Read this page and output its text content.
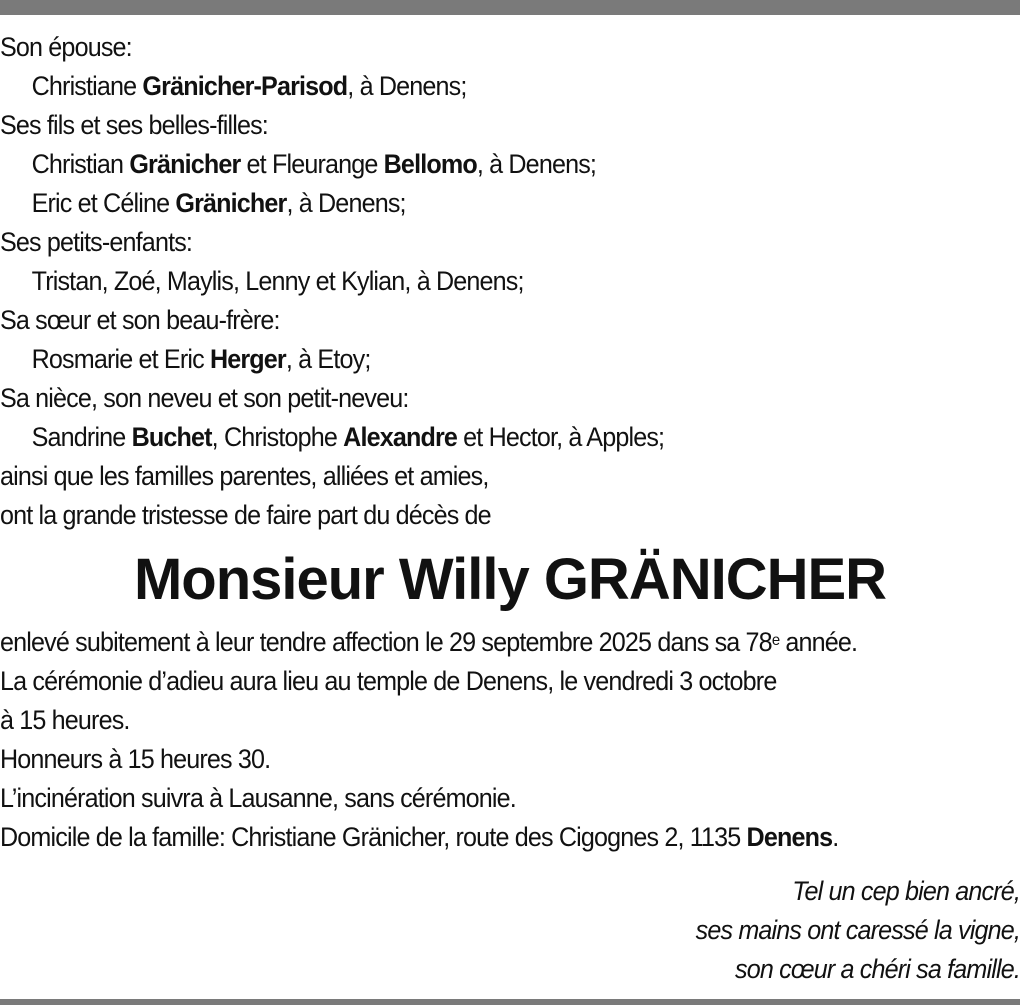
Son épouse:
Christiane Gränicher-Parisod, à Denens;
Ses fils et ses belles-filles:
Christian Gränicher et Fleurange Bellomo, à Denens;
Eric et Céline Gränicher, à Denens;
Ses petits-enfants:
Tristan, Zoé, Maylis, Lenny et Kylian, à Denens;
Sa sœur et son beau-frère:
Rosmarie et Eric Herger, à Etoy;
Sa nièce, son neveu et son petit-neveu:
Sandrine Buchet, Christophe Alexandre et Hector, à Apples;
ainsi que les familles parentes, alliées et amies,
ont la grande tristesse de faire part du décès de
Monsieur Willy GRÄNICHER
enlevé subitement à leur tendre affection le 29 septembre 2025 dans sa 78e année.
La cérémonie d’adieu aura lieu au temple de Denens, le vendredi 3 octobre
à 15 heures.
Honneurs à 15 heures 30.
L’incinération suivra à Lausanne, sans cérémonie.
Domicile de la famille: Christiane Gränicher, route des Cigognes 2, 1135 Denens.
Tel un cep bien ancré,
ses mains ont caressé la vigne,
son cœur a chéri sa famille.
